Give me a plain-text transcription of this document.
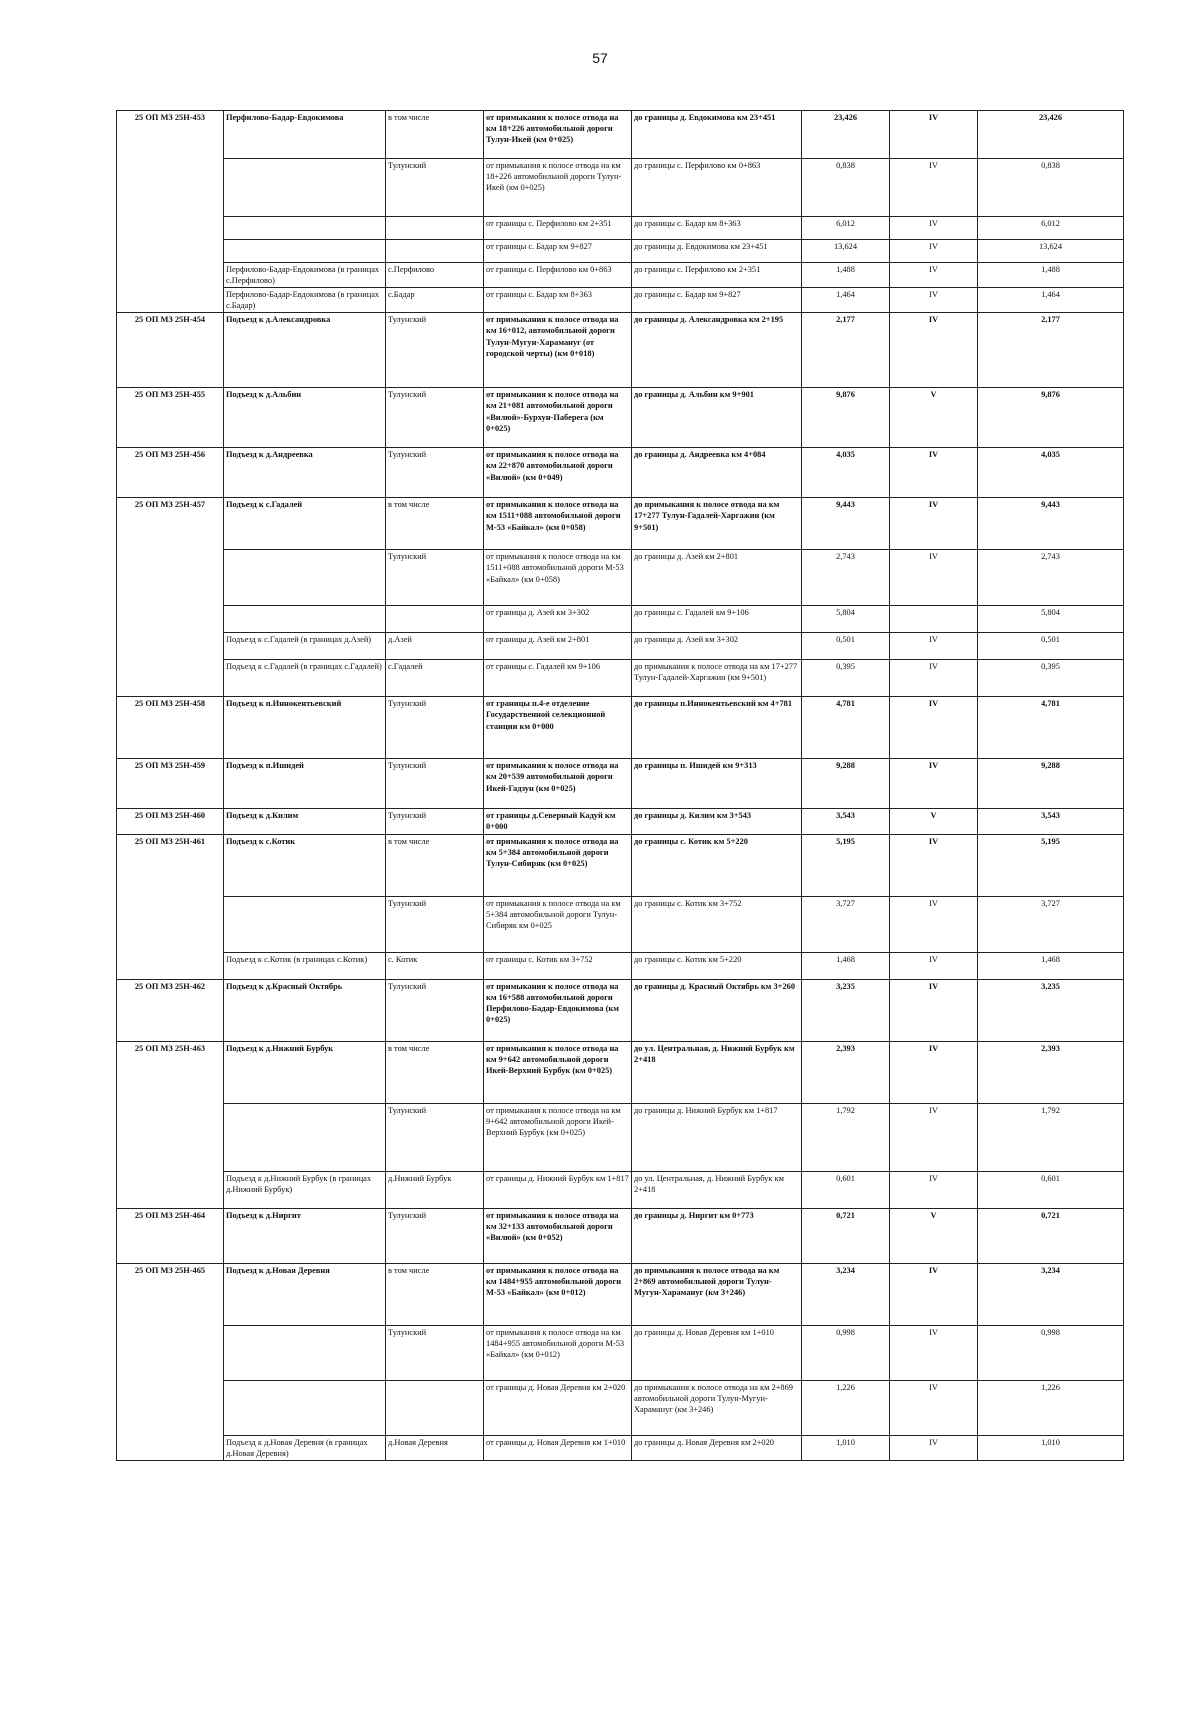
57
25 ОП МЗ 25Н-453	Перфилово-Бадар-Евдокимова	в том числе	от примыкания к полосе отвода на км 18+226 автомобильной дороги Тулун-Икей (км 0+025)	до границы д. Евдокимова км 23+451	23,426	IV	23,426
		Тулунский	от примыкания к полосе отвода на км 18+226 автомобильной дороги Тулун-Икей (км 0+025)	до границы с. Перфилово км 0+863	0,838	IV	0,838
			от границы с. Перфилово км 2+351	до границы с. Бадар км 8+363	6,012	IV	6,012
			от границы с. Бадар км 9+827	до границы д. Евдокимова км 23+451	13,624	IV	13,624
	Перфилово-Бадар-Евдокимова (в границах с.Перфилово)	с.Перфилово	от границы с. Перфилово км 0+863	до границы с. Перфилово км 2+351	1,488	IV	1,488
	Перфилово-Бадар-Евдокимова (в границах с.Бадар)	с.Бадар	от границы с. Бадар км 8+363	до границы с. Бадар км 9+827	1,464	IV	1,464
25 ОП МЗ 25Н-454	Подъезд к д.Александровка	Тулунский	от примыкания к полосе отвода на км 16+012, автомобильной дороги Тулун-Мугун-Харамануг (от городской черты) (км 0+018)	до границы д. Александровка км 2+195	2,177	IV	2,177
25 ОП МЗ 25Н-455	Подъезд к д.Альбин	Тулунский	от примыкания к полосе отвода на км 21+081 автомобильной дороги «Вилюй»-Бурхун-Паберега (км 0+025)	до границы д. Альбин км 9+901	9,876	V	9,876
25 ОП МЗ 25Н-456	Подъезд к д.Андреевка	Тулунский	от примыкания к полосе отвода на км 22+870 автомобильной дороги «Вилюй» (км 0+049)	до границы д. Андреевка км 4+084	4,035	IV	4,035
25 ОП МЗ 25Н-457	Подъезд к с.Гадалей	в том числе	от примыкания к полосе отвода на км 1511+088 автомобильной дороги М-53 «Байкал» (км 0+058)	до примыкания к полосе отвода на км 17+277 Тулун-Гадалей-Харгажин (км 9+501)	9,443	IV	9,443
		Тулунский	от примыкания к полосе отвода на км 1511+088 автомобильной дороги М-53 «Байкал» (км 0+058)	до границы д. Азей км 2+801	2,743	IV	2,743
			от границы д. Азей км 3+302	до границы с. Гадалей км 9+106	5,804		5,804
	Подъезд к с.Гадалей (в границах д.Азей)	д.Азей	от границы д. Азей км 2+801	до границы д. Азей км 3+302	0,501	IV	0,501
	Подъезд к с.Гадалей (в границах с.Гадалей)	с.Гадалей	от границы с. Гадалей км 9+106	до примыкания к полосе отвода на км 17+277 Тулун-Гадалей-Харгажин (км 9+501)	0,395	IV	0,395
25 ОП МЗ 25Н-458	Подъезд к п.Иннокентьевский	Тулунский	от границы п.4-е отделение Государственной селекционной станции км 0+000	до границы п.Иннокентьевский км 4+781	4,781	IV	4,781
25 ОП МЗ 25Н-459	Подъезд к п.Ишидей	Тулунский	от примыкания к полосе отвода на км 20+539 автомобильной дороги Икей-Гадзун (км 0+025)	до границы п. Ишидей км 9+313	9,288	IV	9,288
25 ОП МЗ 25Н-460	Подъезд к д.Килим	Тулунский	от границы д.Северный Кадуй км 0+000	до границы д. Килим км 3+543	3,543	V	3,543
25 ОП МЗ 25Н-461	Подъезд к с.Котик	в том числе	от примыкания к полосе отвода на км 5+384 автомобильной дороги Тулун-Сибиряк (км 0+025)	до границы с. Котик км 5+220	5,195	IV	5,195
		Тулунский	от примыкания к полосе отвода на км 5+384 автомобильной дороги Тулун-Сибиряк км 0+025	до границы с. Котик км 3+752	3,727	IV	3,727
	Подъезд к с.Котик (в границах с.Котик)	с. Котик	от границы с. Котик км 3+752	до границы с. Котик км 5+220	1,468	IV	1,468
25 ОП МЗ 25Н-462	Подъезд к д.Красный Октябрь	Тулунский	от примыкания к полосе отвода на км 16+588 автомобильной дороги Перфилово-Бадар-Евдокимова (км 0+025)	до границы д. Красный Октябрь км 3+260	3,235	IV	3,235
25 ОП МЗ 25Н-463	Подъезд к д.Нижний Бурбук	в том числе	от примыкания к полосе отвода на км 9+642 автомобильной дороги Икей-Верхний Бурбук (км 0+025)	до ул. Центральная, д. Нижний Бурбук км 2+418	2,393	IV	2,393
		Тулунский	от примыкания к полосе отвода на км 9+642 автомобильной дороги Икей-Верхний Бурбук (км 0+025)	до границы д. Нижний Бурбук км 1+817	1,792	IV	1,792
	Подъезд к д.Нижний Бурбук (в границах д.Нижний Бурбук)	д.Нижний Бурбук	от границы д. Нижний Бурбук км 1+817	до ул. Центральная, д. Нижний Бурбук км 2+418	0,601	IV	0,601
25 ОП МЗ 25Н-464	Подъезд к д.Ниргит	Тулунский	от примыкания к полосе отвода на км 32+133 автомобильной дороги «Вилюй» (км 0+052)	до границы д. Ниргит км 0+773	0,721	V	0,721
25 ОП МЗ 25Н-465	Подъезд к д.Новая Деревня	в том числе	от примыкания к полосе отвода на км 1484+955 автомобильной дороги М-53 «Байкал» (км 0+012)	до примыкания к полосе отвода на км 2+869 автомобильной дороги Тулун-Мугун-Харамануг (км 3+246)	3,234	IV	3,234
		Тулунский	от примыкания к полосе отвода на км 1484+955 автомобильной дороги М-53 «Байкал» (км 0+012)	до границы д. Новая Деревня км 1+010	0,998	IV	0,998
			от границы д. Новая Деревня км 2+020	до примыкания к полосе отвода на км 2+869 автомобильной дороги Тулун-Мугун-Харамануг (км 3+246)	1,226	IV	1,226
	Подъезд к д.Новая Деревня (в границах д.Новая Деревня)	д.Новая Деревня	от границы д. Новая Деревня км 1+010	до границы д. Новая Деревня км 2+020	1,010	IV	1,010
